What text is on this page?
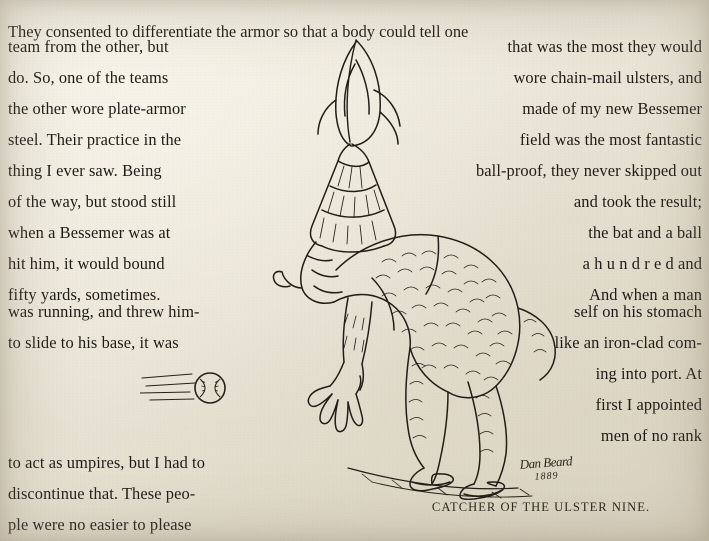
They consented to differentiate the armor so that a body could tell one

team from the other, but

do. So, one of the teams

the other wore plate-armor

steel. Their practice in the

thing I ever saw. Being

of the way, but stood still

when a Bessemer was at

hit him, it would bound

fifty yards, sometimes.

was running, and threw him-

to slide to his base, it was

to act as umpires, but I had to

discontinue that. These peo-

ple were no easier to please

that was the most they would

wore chain-mail ulsters, and

made of my new Bessemer

field was the most fantastic

ball-proof, they never skipped out

and took the result;

the bat and a ball

a h u n d r e d and

And when a man

self on his stomach

like an iron-clad com-

ing into port. At

first I appointed

men of no rank

Dan Beard
1889
CATCHER OF THE ULSTER NINE.
